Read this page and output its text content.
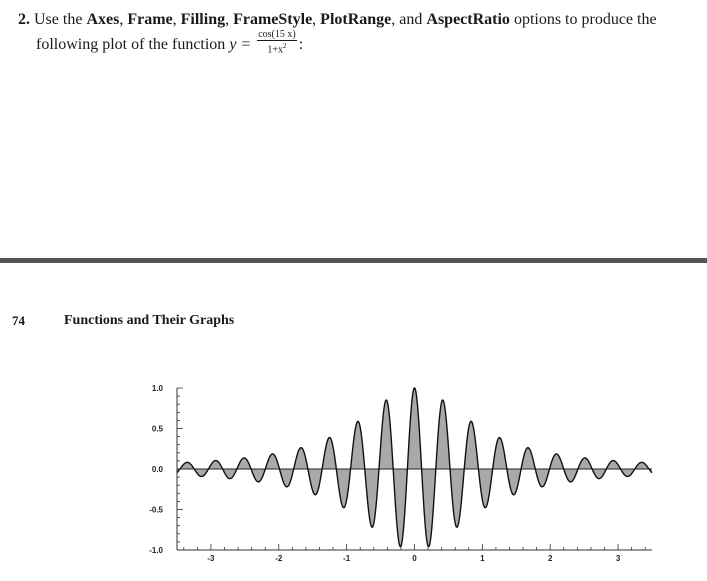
2. Use the Axes, Frame, Filling, FrameStyle, PlotRange, and AspectRatio options to produce the
following plot of the function $y = \frac{\cos(15 x)}{1+x^2}$ :
74	Functions and Their Graphs
1.0
0.5
0.0
-0.5
-1.0
-3	-2	-1	0	1	2	3
